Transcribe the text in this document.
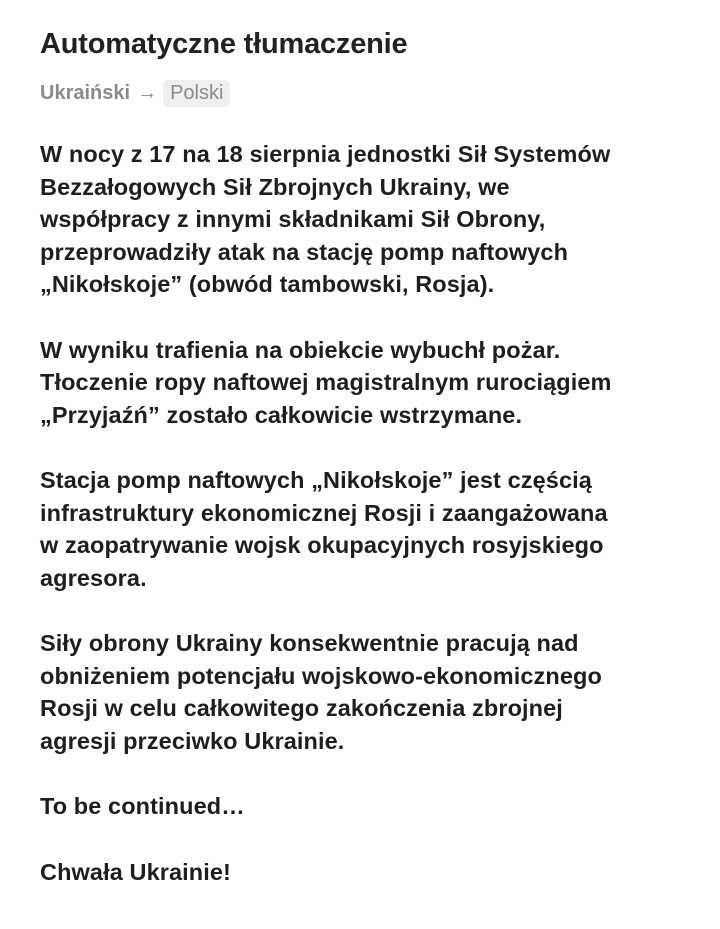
Automatyczne tłumaczenie
Ukraiński → Polski

W nocy z 17 na 18 sierpnia jednostki Sił Systemów
Bezzałogowych Sił Zbrojnych Ukrainy, we
współpracy z innymi składnikami Sił Obrony,
przeprowadziły atak na stację pomp naftowych
„Nikołskoje” (obwód tambowski, Rosja).

W wyniku trafienia na obiekcie wybuchł pożar.
Tłoczenie ropy naftowej magistralnym rurociągiem
„Przyjaźń” zostało całkowicie wstrzymane.

Stacja pomp naftowych „Nikołskoje” jest częścią
infrastruktury ekonomicznej Rosji i zaangażowana
w zaopatrywanie wojsk okupacyjnych rosyjskiego
agresora.

Siły obrony Ukrainy konsekwentnie pracują nad
obniżeniem potencjału wojskowo-ekonomicznego
Rosji w celu całkowitego zakończenia zbrojnej
agresji przeciwko Ukrainie.

To be continued…

Chwała Ukrainie!
